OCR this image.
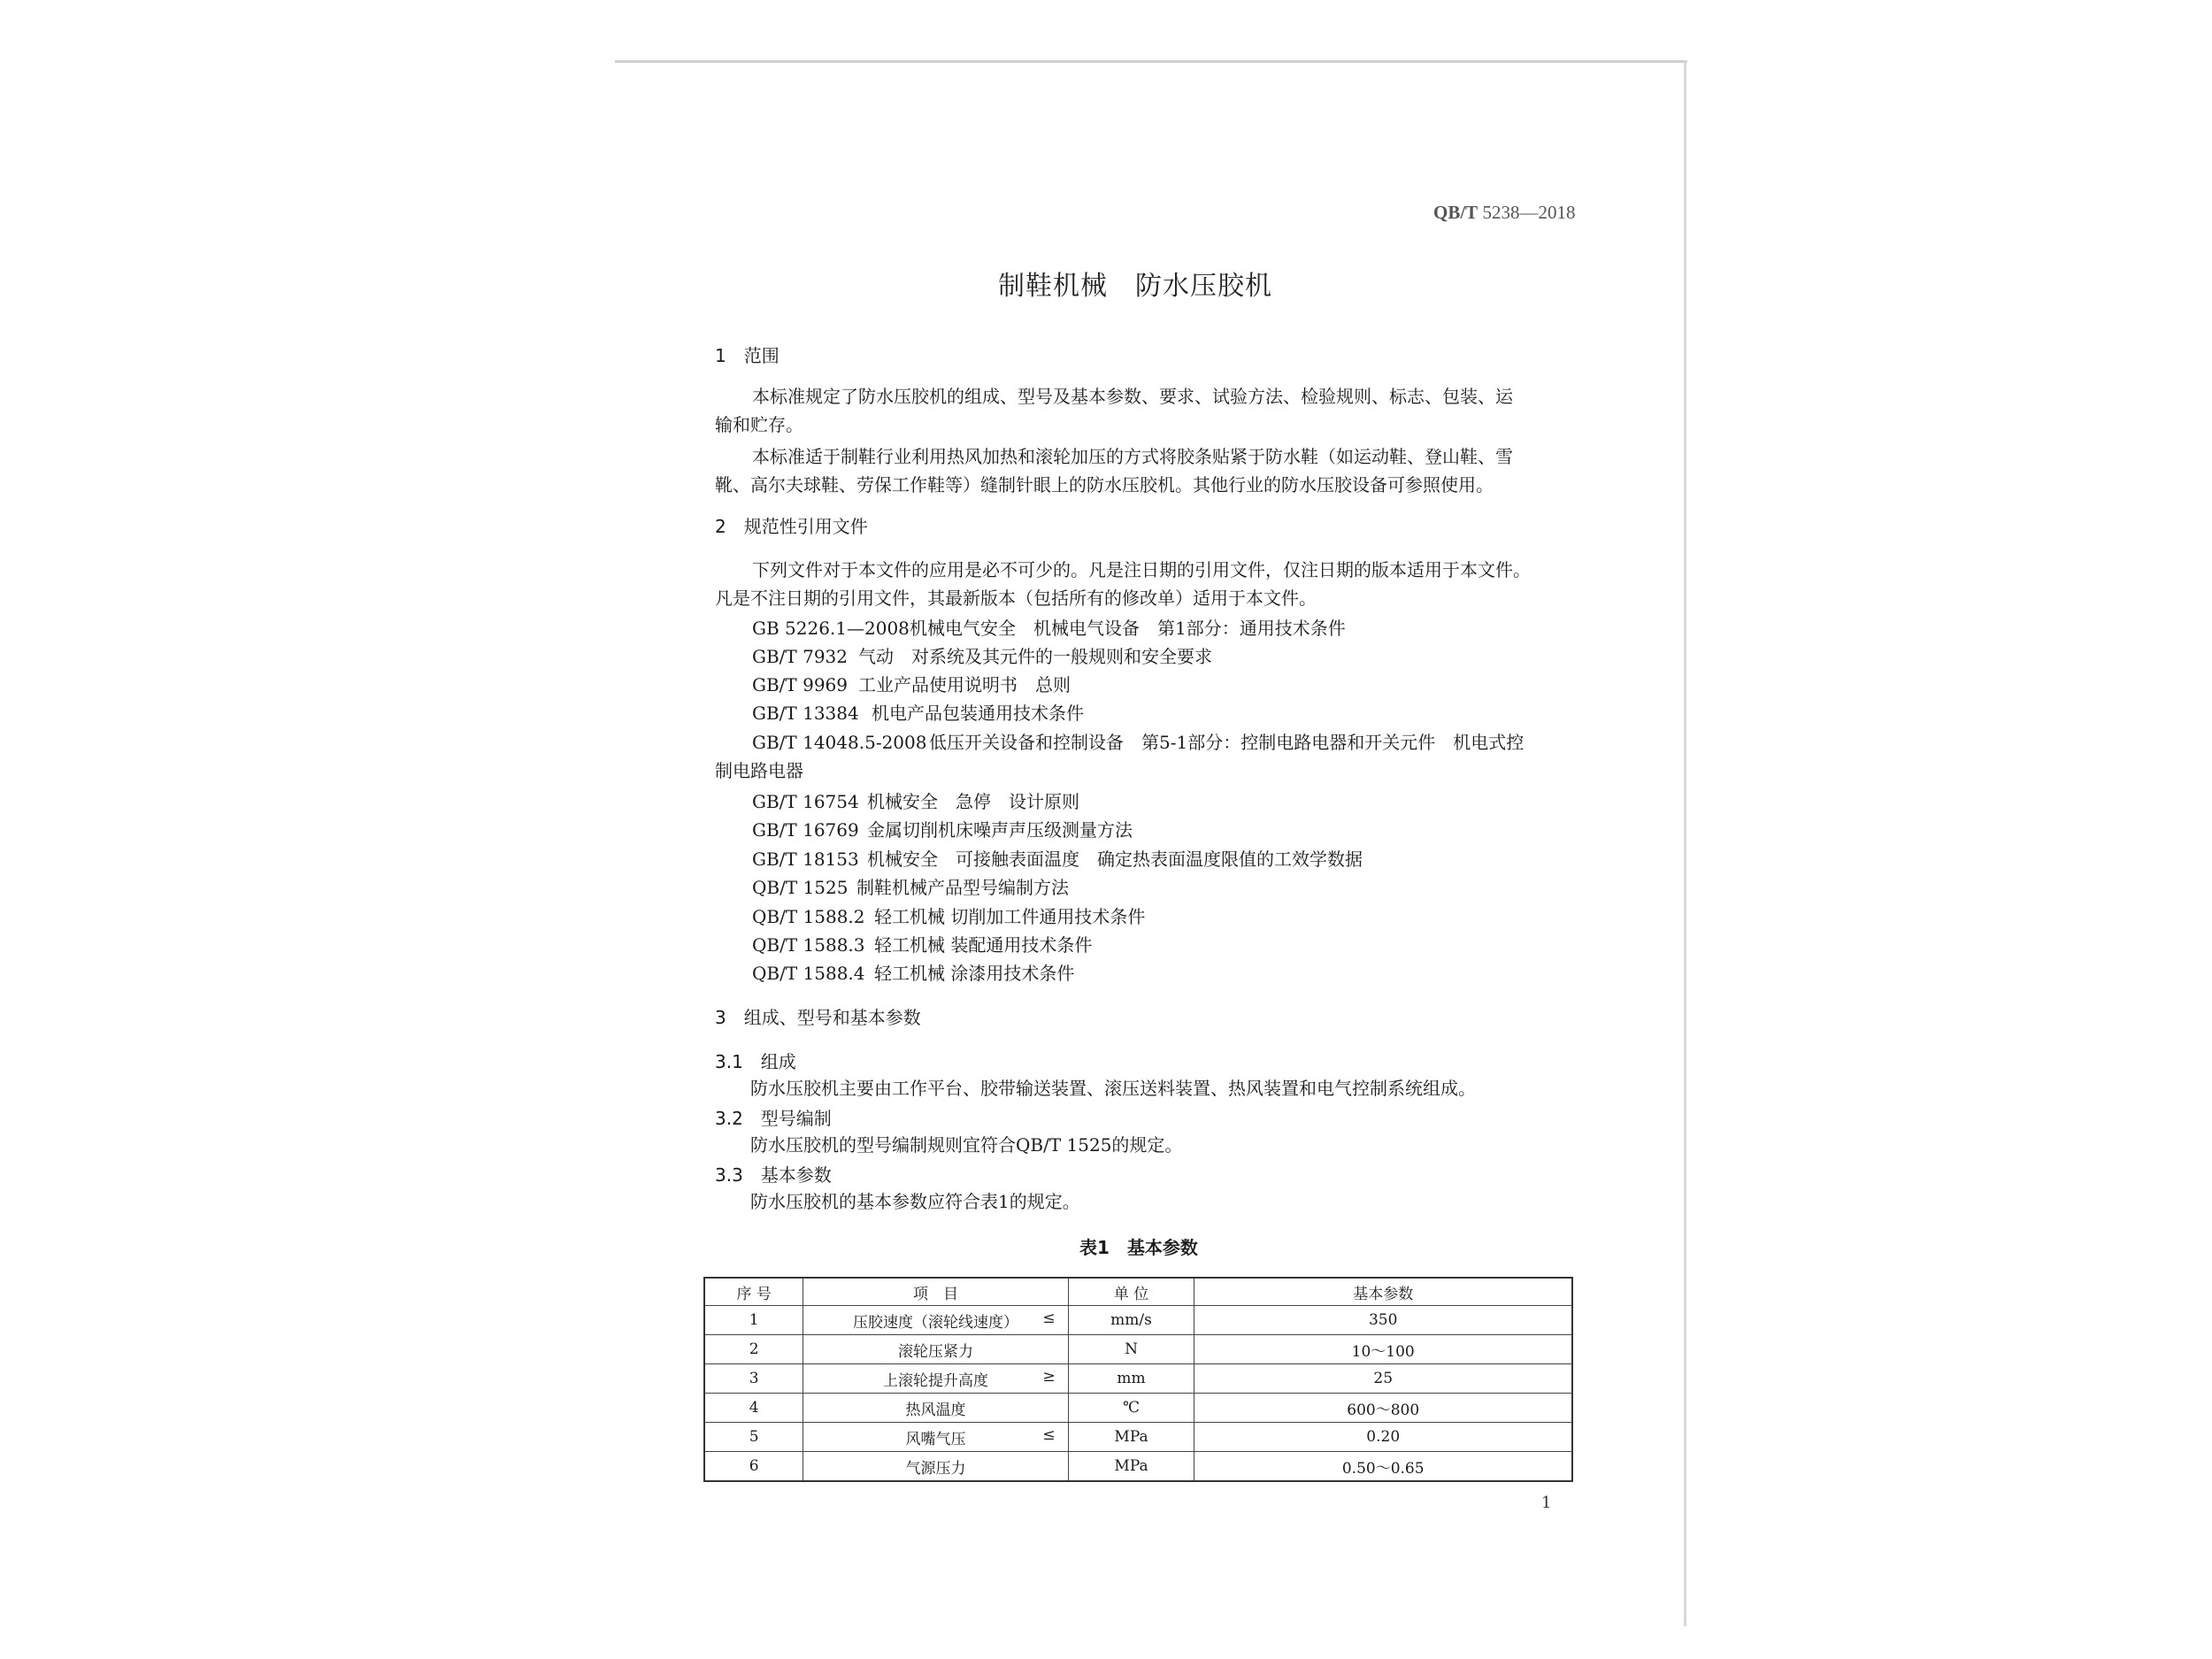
QB/T 5238—2018
制鞋机械　防水压胶机
1　范围
本标准规定了防水压胶机的组成、型号及基本参数、要求、试验方法、检验规则、标志、包装、运
输和贮存。
本标准适于制鞋行业利用热风加热和滚轮加压的方式将胶条贴紧于防水鞋（如运动鞋、登山鞋、雪
靴、高尔夫球鞋、劳保工作鞋等）缝制针眼上的防水压胶机。其他行业的防水压胶设备可参照使用。
2　规范性引用文件
下列文件对于本文件的应用是必不可少的。凡是注日期的引用文件，仅注日期的版本适用于本文件。
凡是不注日期的引用文件，其最新版本（包括所有的修改单）适用于本文件。
GB 5226.1—2008机械电气安全　机械电气设备　第1部分：通用技术条件
GB/T 7932 气动　对系统及其元件的一般规则和安全要求
GB/T 9969 工业产品使用说明书　总则
GB/T 13384 机电产品包装通用技术条件
GB/T 14048.5-2008 低压开关设备和控制设备　第5-1部分：控制电路电器和开关元件　机电式控
制电路电器
GB/T 16754 机械安全　急停　设计原则
GB/T 16769 金属切削机床噪声声压级测量方法
GB/T 18153 机械安全　可接触表面温度　确定热表面温度限值的工效学数据
QB/T 1525 制鞋机械产品型号编制方法
QB/T 1588.2 轻工机械 切削加工件通用技术条件
QB/T 1588.3 轻工机械 装配通用技术条件
QB/T 1588.4 轻工机械 涂漆用技术条件
3　组成、型号和基本参数
3.1　组成
防水压胶机主要由工作平台、胶带输送装置、滚压送料装置、热风装置和电气控制系统组成。
3.2　型号编制
防水压胶机的型号编制规则宜符合QB/T 1525的规定。
3.3　基本参数
防水压胶机的基本参数应符合表1的规定。
表1　基本参数
序 号	项　目	单 位	基本参数
1	压胶速度（滚轮线速度） ≤	mm/s	350
2	滚轮压紧力	N	10～100
3	上滚轮提升高度 ≥	mm	25
4	热风温度	℃	600～800
5	风嘴气压 ≤	MPa	0.20
6	气源压力	MPa	0.50～0.65
1
